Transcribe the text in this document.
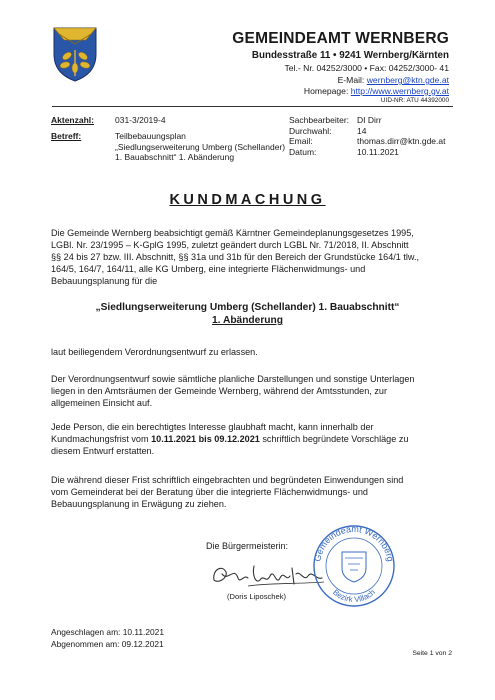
GEMEINDEAMT WERNBERG
Bundesstraße 11 • 9241 Wernberg/Kärnten
Tel.- Nr. 04252/3000 • Fax: 04252/3000- 41
E-Mail: wernberg@ktn.gde.at
Homepage: http://www.wernberg.gv.at
UID-NR: ATU 44392000
Aktenzahl: 031-3/2019-4
Betreff:	Teilbebauungsplan
„Siedlungserweiterung Umberg (Schellander)
1. Bauabschnitt“ 1. Abänderung
Sachbearbeiter: DI Dirr
Durchwahl:	14
Email:	thomas.dirr@ktn.gde.at
Datum:	10.11.2021
KUNDMACHUNG
Die Gemeinde Wernberg beabsichtigt gemäß Kärntner Gemeindeplanungsgesetzes 1995,
LGBl. Nr. 23/1995 – K-GplG 1995, zuletzt geändert durch LGBL Nr. 71/2018, II. Abschnitt
§§ 24 bis 27 bzw. III. Abschnitt, §§ 31a und 31b für den Bereich der Grundstücke 164/1 tlw.,
164/5, 164/7, 164/11, alle KG Umberg, eine integrierte Flächenwidmungs- und
Bebauungsplanung für die
„Siedlungserweiterung Umberg (Schellander) 1. Bauabschnitt“
1. Abänderung
laut beiliegendem Verordnungsentwurf zu erlassen.
Der Verordnungsentwurf sowie sämtliche planliche Darstellungen und sonstige Unterlagen
liegen in den Amtsräumen der Gemeinde Wernberg, während der Amtsstunden, zur
allgemeinen Einsicht auf.
Jede Person, die ein berechtigtes Interesse glaubhaft macht, kann innerhalb der
Kundmachungsfrist vom 10.11.2021 bis 09.12.2021 schriftlich begründete Vorschläge zu
diesem Entwurf erstatten.
Die während dieser Frist schriftlich eingebrachten und begründeten Einwendungen sind
vom Gemeinderat bei der Beratung über die integrierte Flächenwidmungs- und
Bebauungsplanung in Erwägung zu ziehen.
Die Bürgermeisterin:
(Doris Liposchek)
Gemeindeamt Wernberg
Bezirk Villach
Angeschlagen am: 10.11.2021
Abgenommen am: 09.12.2021
Seite 1 von 2
